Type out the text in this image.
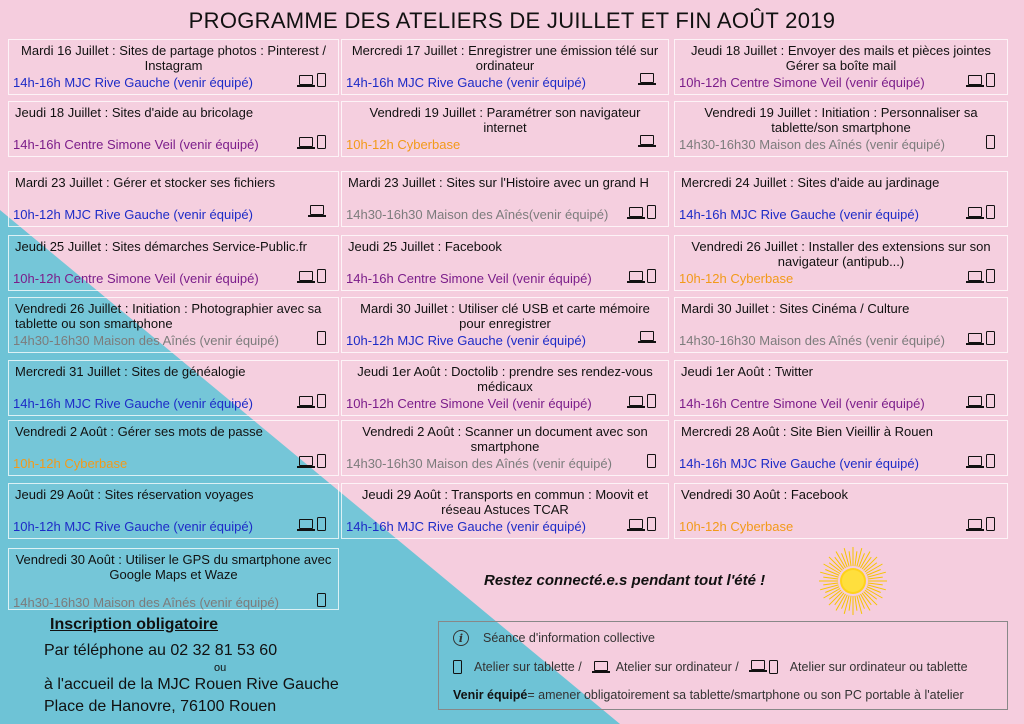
PROGRAMME DES ATELIERS DE JUILLET ET FIN AOÛT 2019
Mardi 16 Juillet : Sites de partage photos : Pinterest / Instagram
14h-16h MJC Rive Gauche (venir équipé)
Mercredi 17 Juillet : Enregistrer une émission télé sur ordinateur
14h-16h MJC Rive Gauche (venir équipé)
Jeudi 18 Juillet : Envoyer des mails et pièces jointes Gérer sa boîte mail
10h-12h Centre Simone Veil (venir équipé)
Jeudi 18 Juillet : Sites d'aide au bricolage
14h-16h Centre Simone Veil (venir équipé)
Vendredi 19 Juillet : Paramétrer son navigateur internet
10h-12h Cyberbase
Vendredi 19 Juillet : Initiation : Personnaliser sa tablette/son smartphone
14h30-16h30 Maison des Aînés (venir équipé)
Mardi 23 Juillet : Gérer et stocker ses fichiers
10h-12h MJC Rive Gauche (venir équipé)
Mardi 23 Juillet : Sites sur l'Histoire avec un grand H
14h30-16h30 Maison des Aînés(venir équipé)
Mercredi 24 Juillet : Sites d'aide au jardinage
14h-16h MJC Rive Gauche (venir équipé)
Jeudi 25 Juillet : Sites démarches Service-Public.fr
10h-12h Centre Simone Veil (venir équipé)
Jeudi 25 Juillet : Facebook
14h-16h Centre Simone Veil (venir équipé)
Vendredi 26 Juillet : Installer des extensions sur son navigateur (antipub...)
10h-12h Cyberbase
Vendredi 26 Juillet : Initiation : Photographier avec sa tablette ou son smartphone
14h30-16h30 Maison des Aînés (venir équipé)
Mardi 30 Juillet : Utiliser clé USB et carte mémoire pour enregistrer
10h-12h MJC Rive Gauche (venir équipé)
Mardi 30 Juillet : Sites Cinéma / Culture
14h30-16h30 Maison des Aînés (venir équipé)
Mercredi 31 Juillet : Sites de généalogie
14h-16h MJC Rive Gauche (venir équipé)
Jeudi 1er Août : Doctolib : prendre ses rendez-vous médicaux
10h-12h Centre Simone Veil (venir équipé)
Jeudi 1er Août : Twitter
14h-16h Centre Simone Veil (venir équipé)
Vendredi 2 Août : Gérer ses mots de passe
10h-12h Cyberbase
Vendredi 2 Août : Scanner un document avec son smartphone
14h30-16h30 Maison des Aînés (venir équipé)
Mercredi 28 Août : Site Bien Vieillir à Rouen
14h-16h MJC Rive Gauche (venir équipé)
Jeudi 29 Août : Sites réservation voyages
10h-12h MJC Rive Gauche (venir équipé)
Jeudi 29 Août : Transports en commun : Moovit et réseau Astuces TCAR
14h-16h MJC Rive Gauche (venir équipé)
Vendredi 30 Août : Facebook
10h-12h Cyberbase
Vendredi 30 Août : Utiliser le GPS du smartphone avec Google Maps et Waze
14h30-16h30 Maison des Aînés (venir équipé)
Restez connecté.e.s pendant tout l'été !
Inscription obligatoire
Par téléphone au 02 32 81 53 60
ou
à l'accueil de la MJC Rouen Rive Gauche
Place de Hanovre, 76100 Rouen
i	Séance d'information collective
Atelier sur tablette /	Atelier sur ordinateur /	Atelier sur ordinateur ou tablette
Venir équipé = amener obligatoirement sa tablette/smartphone ou son PC portable à l'atelier
